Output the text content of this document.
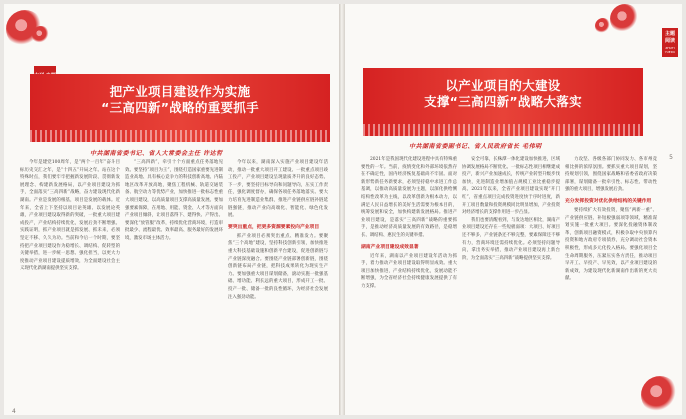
把产业项目建设作为实施
“三高四新”战略的重要抓手
中共湖南省委书记、省人大常委会主任 许达哲

今年是建党100周年，是“两个一百年”奋斗目标历史交汇之年，是“十四五”开局之年。站在这个特殊时点，我们要牢牢把握新发展阶段、贯彻新发展理念、构建新发展格局，以产业项目建设为抓手，全面落实“三高四新”战略，奋力建设现代化新湖南。产业是发展的根基，项目是发展的载体。近年来，全省上下坚持以项目论英雄、以发展论英雄，产业项目建设取得新的突破，一批重大项目建成投产，产业结构持续优化，发展后劲不断增强。实践证明，抓产业项目就是抓发展、抓未来，必须坚定不移、久久为功。当前和今后一个时期，要坚持把产业项目建设作为稳增长、调结构、促转型的关键举措，进一步统一思想、强化担当，以更大力度推动产业项目建设提质增效，为全面建设社会主义现代化新湖南提供坚实支撑。

“三高四新”，牵引十个方面重点任务落地见效。要坚持“项目为王”，围绕打造国家重要先进制造业高地、具有核心竞争力的科技创新高地、内陆地区改革开放高地，聚焦工程机械、轨道交通装备、航空动力等优势产业，加快推进一批标志性重大项目建设，以高质量项目支撑高质量发展。要加强要素保障，在用地、用能、资金、人才等方面向产业项目倾斜，让项目落得下、建得快、产得出。要深化“放管服”改革，持续优化营商环境，打造审批最少、流程最优、效率最高、服务最好的发展环境，激发市场主体活力。

今年以来，湖南深入实施产业项目建设年活动，推动一批重大项目开工建设、一批重点项目竣工投产，产业项目建设呈现量质齐升的良好态势。下一步，要坚持目标导向和问题导向，压实工作责任，强化调度督办，确保各项任务落地落实。要大力培育先进制造业集群，推进产业链供应链补链延链强链，推动产业向高端化、智能化、绿色化发展。

要突出重点，把更多资源要素投向产业项目

抓产业项目必须突出重点、精准发力。要聚焦“三个高地”建设，坚持科技创新引领，加快推进重大科技基础设施和创新平台建设，促进创新链与产业链深度融合。要围绕产业链部署创新链，围绕创新链布局产业链，把科技成果转化为现实生产力。要加强重大项目谋划储备，滚动实施一批强基础、增功能、利长远的重大项目，形成开工一批、投产一批、储备一批的良性循环，为经济社会发展注入强劲动能。

4
主题 阅读
ZHUTI YUEDU
5
以产业项目的大建设
支撑“三高四新”战略大落实
中共湖南省委副书记、省人民政府省长 毛伟明

2021年是我国现代化建设进程中具有特殊重要性的一年。当前，疫情变化和外部环境依然存在不确定性，国内经济恢复基础尚不牢固。面对新形势新任务新要求，必须坚持稳中求进工作总基调，以推动高质量发展为主题，以深化供给侧结构性改革为主线，以改革创新为根本动力，以满足人民日益增长的美好生活需要为根本目的，统筹发展和安全，加快构建新发展格局。推进产业项目建设，是落实“三高四新”战略的重要抓手，是推动经济高质量发展的有效路径，是稳增长、调结构、惠民生的关键举措。

湖南产业项目建设成效显著

近年来，湖南以产业项目建设年活动为抓手，着力推动产业项目建设取得明显成效。重大项目加快推进，产业结构持续优化，发展动能不断增强，为全省经济社会持续健康发展提供了有力支撑。

安全可靠，长株潭一体化建设加快推进，区域协调发展格局不断优化。一批标志性项目相继建成投产，新兴产业加速成长，传统产业转型升级步伐加快，先进制造业增加值占规模工业比重稳步提高。2021年以来，全省产业项目建设实现“开门红”，省重点项目完成投资进度快于序时进度，新开工项目数量和投资规模同比明显增加，产业投资对经济增长的支撑作用进一步凸显。

我们也要清醒看到，与发达地区相比，湖南产业项目建设还存在一些短板弱项：大项目、好项目还不够多，产业链条还不够完整，要素保障还不够有力，营商环境还需持续优化。必须坚持问题导向，拿出务实举措，推动产业项目建设再上新台阶，为全面落实“三高四新”战略提供坚实支撑。

力攻坚、各级各部门协同发力、各市州竞相比拼的浓厚氛围。要抓实重大项目谋划，坚持规划引领，围绕国家战略和省委省政府决策部署，谋划储备一批牵引性、标志性、带动性强的重大项目，增强发展后劲。

充分发挥投资对优化供给结构的关键作用

要持续扩大有效投资，聚焦“两新一重”、产业链供应链、补短板强弱项等领域，精准谋划实施一批重大项目。要深化投融资体制改革，创新项目融资模式，积极争取中央预算内投资和地方政府专项债券，充分调动社会资本积极性，形成多元化投入格局。要强化项目全生命周期服务，压紧压实各方责任，推动项目早开工、早投产、早见效，以产业项目建设的新成效，为建设现代化新湖南作出新的更大贡献。
